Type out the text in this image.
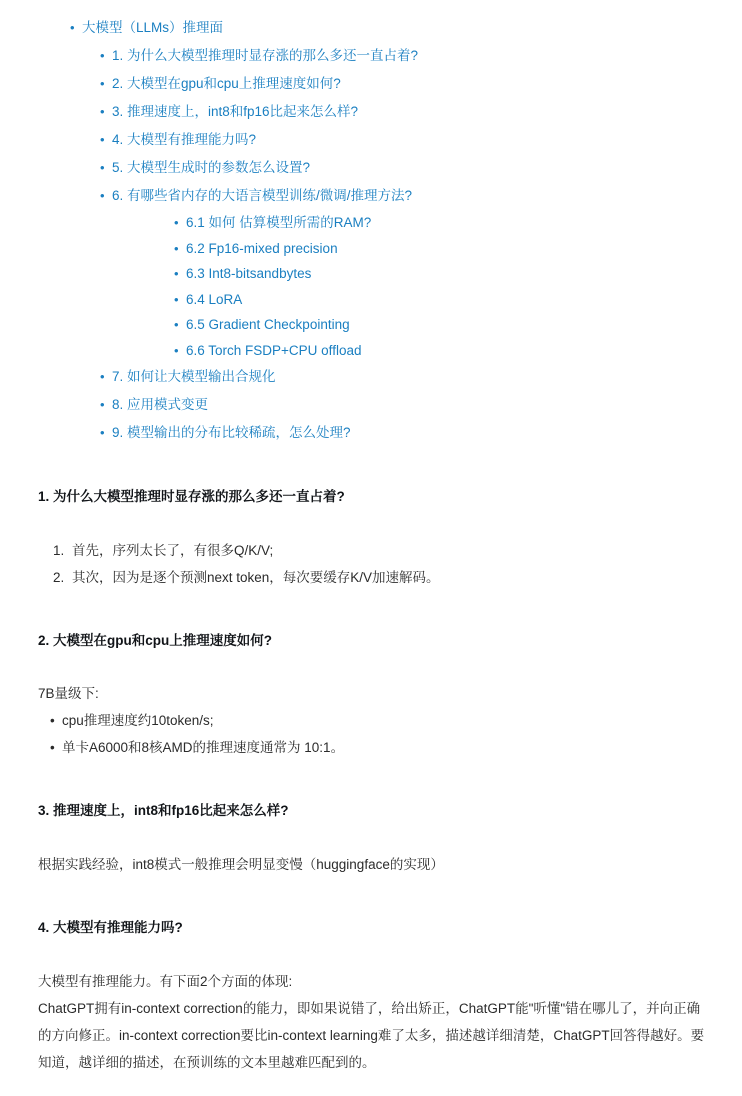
• 大模型（LLMs）推理面
• 1. 为什么大模型推理时显存涨的那么多还一直占着?
• 2. 大模型在gpu和cpu上推理速度如何?
• 3. 推理速度上，int8和fp16比起来怎么样?
• 4. 大模型有推理能力吗?
• 5. 大模型生成时的参数怎么设置?
• 6. 有哪些省内存的大语言模型训练/微调/推理方法?
• 6.1 如何 估算模型所需的RAM?
• 6.2 Fp16-mixed precision
• 6.3 Int8-bitsandbytes
• 6.4 LoRA
• 6.5 Gradient Checkpointing
• 6.6 Torch FSDP+CPU offload
• 7. 如何让大模型输出合规化
• 8. 应用模式变更
• 9. 模型输出的分布比较稀疏，怎么处理?
1. 为什么大模型推理时显存涨的那么多还一直占着?
1. 首先，序列太长了，有很多Q/K/V;
2. 其次，因为是逐个预测next token，每次要缓存K/V加速解码。
2. 大模型在gpu和cpu上推理速度如何?

7B量级下:

• cpu推理速度约10token/s;
• 单卡A6000和8核AMD的推理速度通常为 10:1。
3. 推理速度上，int8和fp16比起来怎么样?

根据实践经验，int8模式一般推理会明显变慢（huggingface的实现）

4. 大模型有推理能力吗?

大模型有推理能力。有下面2个方面的体现:

ChatGPT拥有in-context correction的能力，即如果说错了，给出矫正，ChatGPT能"听懂"错在哪儿了，并向正确的方向修正。in-context correction要比in-context learning难了太多，描述越详细清楚，ChatGPT回答得越好。要知道，越详细的描述，在预训练的文本里越难匹配到的。
